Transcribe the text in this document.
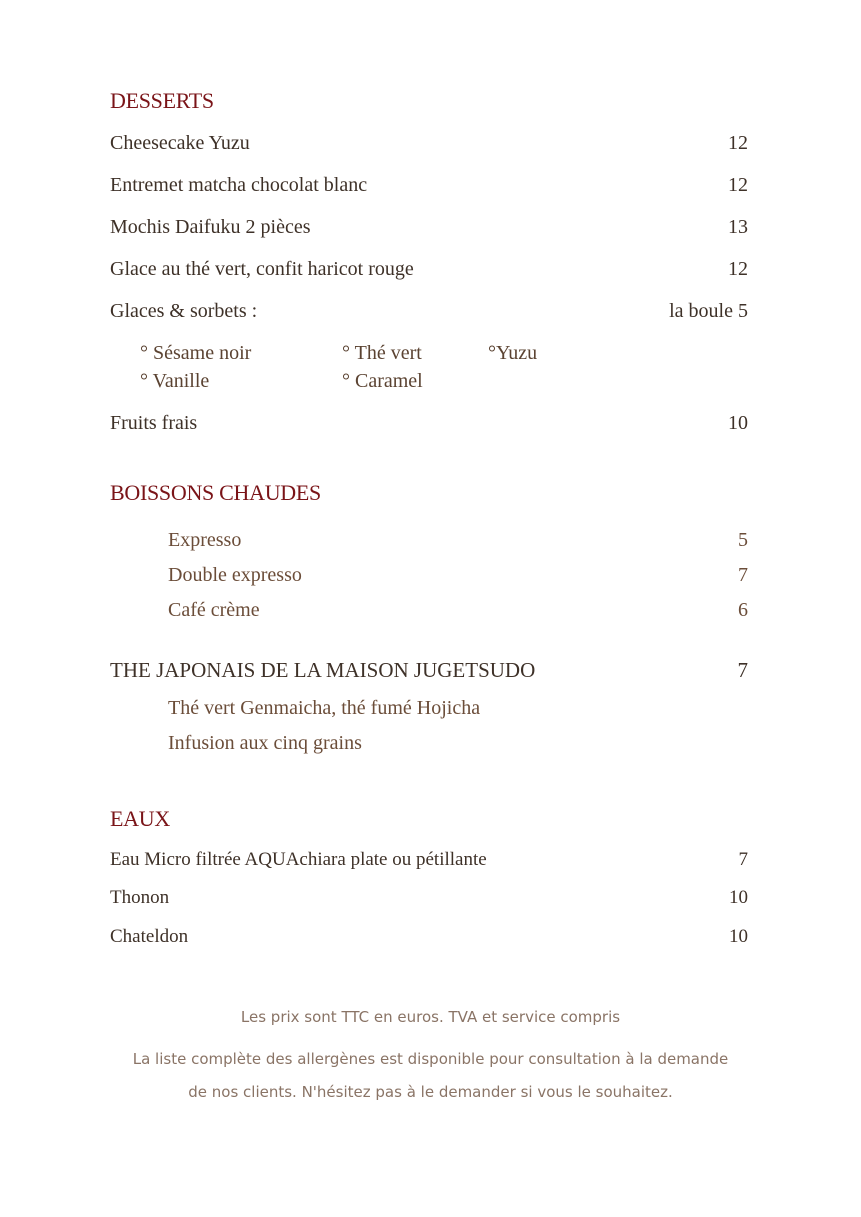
DESSERTS
Cheesecake Yuzu	12
Entremet matcha chocolat blanc	12
Mochis Daifuku 2 pièces	13
Glace au thé vert, confit haricot rouge	12
Glaces & sorbets :	la boule 5
° Sésame noir	° Thé vert	°Yuzu
° Vanille	° Caramel
Fruits frais	10
BOISSONS CHAUDES
Expresso	5
Double expresso	7
Café crème	6
THE JAPONAIS DE LA MAISON JUGETSUDO	7
Thé vert Genmaicha, thé fumé Hojicha
Infusion aux cinq grains
EAUX
Eau Micro filtrée AQUAchiara plate ou pétillante	7
Thonon	10
Chateldon	10
Les prix sont TTC en euros. TVA et service compris
La liste complète des allergènes est disponible pour consultation à la demande
de nos clients. N'hésitez pas à le demander si vous le souhaitez.
